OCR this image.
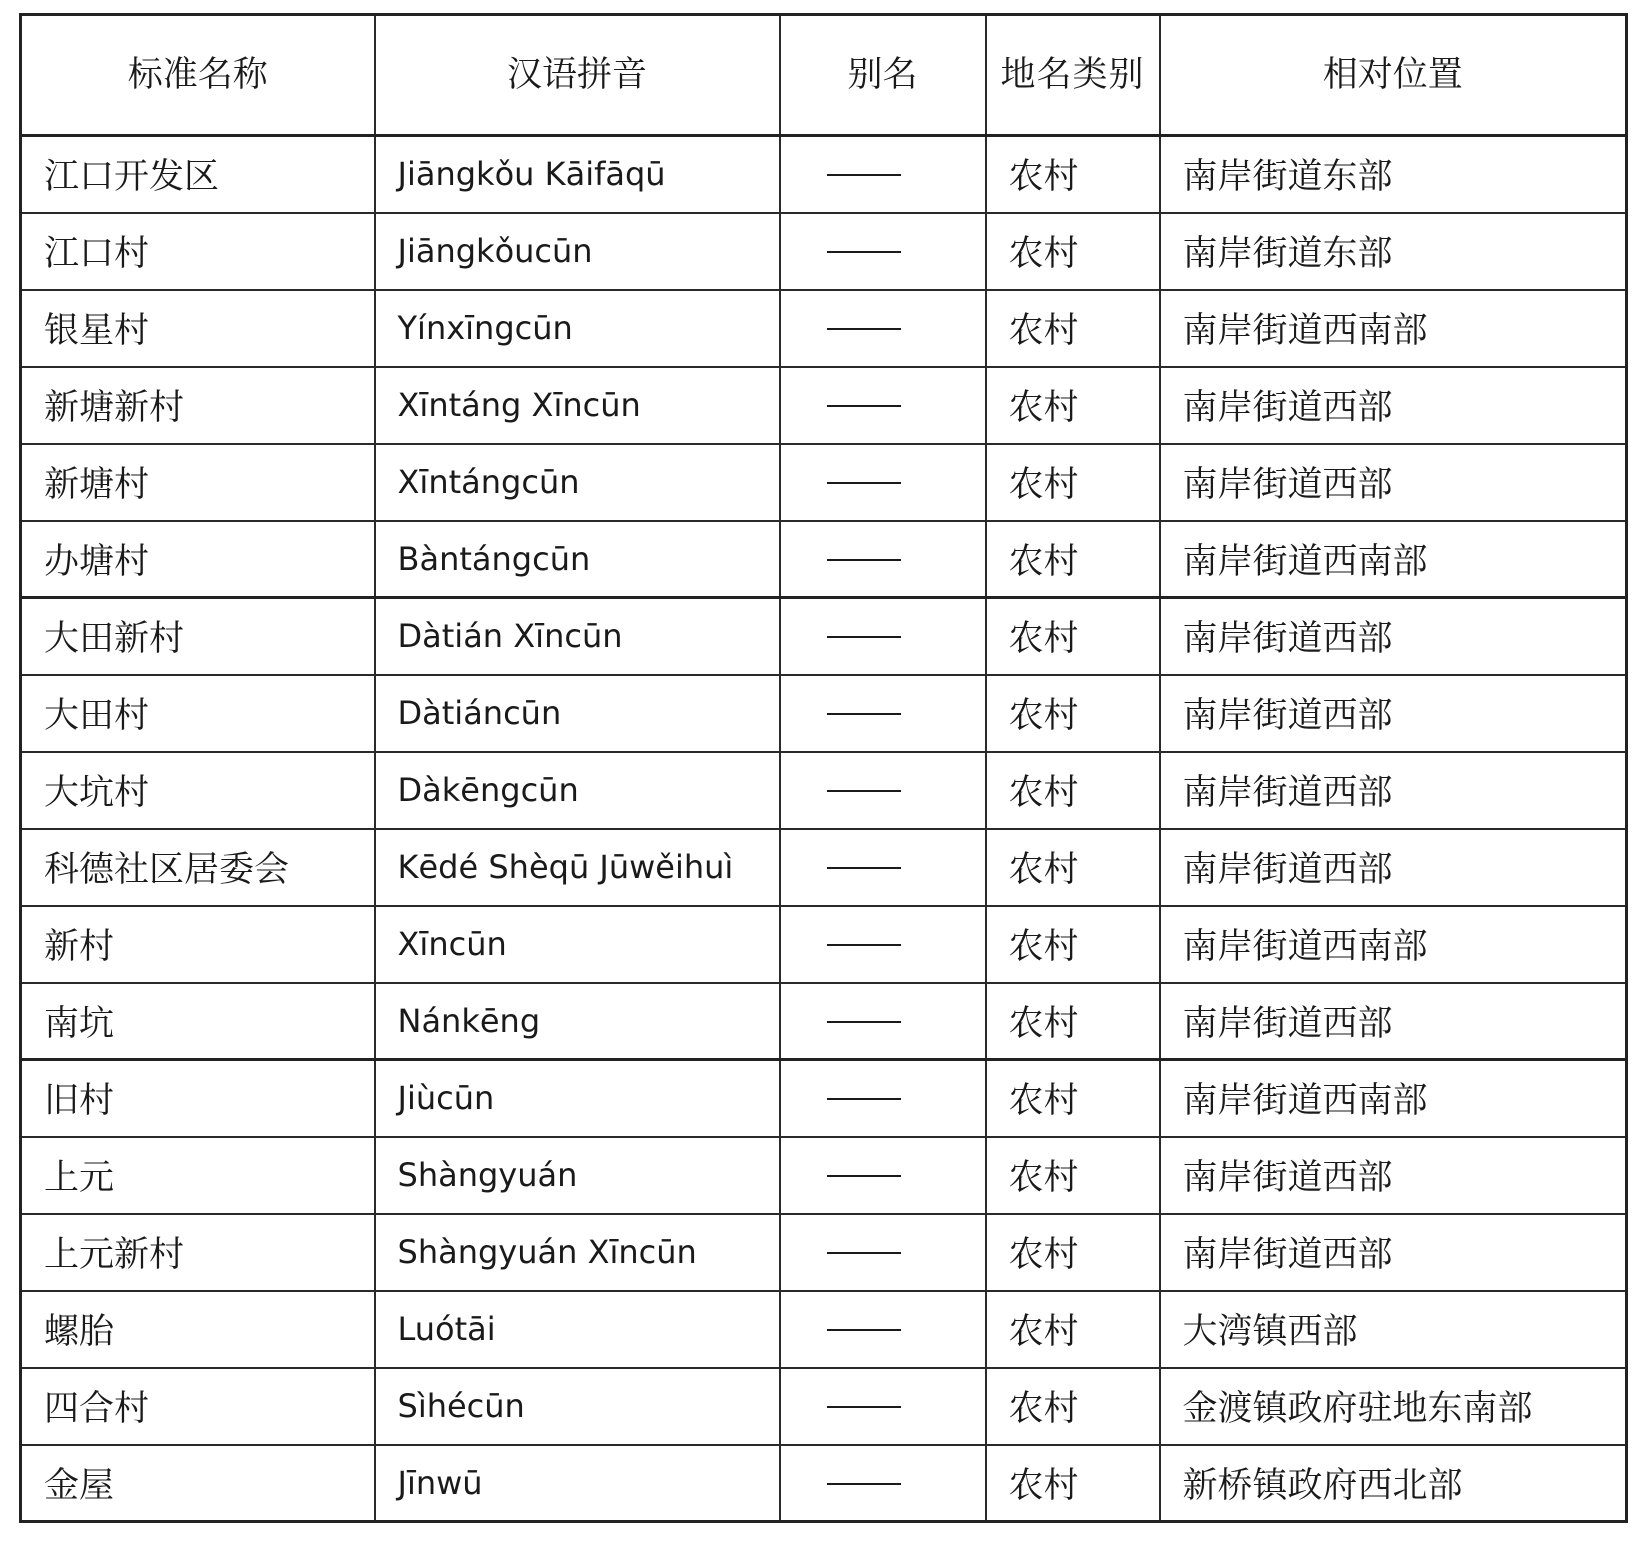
标准名称	汉语拼音	别名	地名类别	相对位置
江口开发区	Jiāngkǒu Kāifāqū		农村	南岸街道东部
江口村	Jiāngkǒucūn		农村	南岸街道东部
银星村	Yínxīngcūn		农村	南岸街道西南部
新塘新村	Xīntáng Xīncūn		农村	南岸街道西部
新塘村	Xīntángcūn		农村	南岸街道西部
办塘村	Bàntángcūn		农村	南岸街道西南部
大田新村	Dàtián Xīncūn		农村	南岸街道西部
大田村	Dàtiáncūn		农村	南岸街道西部
大坑村	Dàkēngcūn		农村	南岸街道西部
科德社区居委会	Kēdé Shèqū Jūwěihuì		农村	南岸街道西部
新村	Xīncūn		农村	南岸街道西南部
南坑	Nánkēng		农村	南岸街道西部
旧村	Jiùcūn		农村	南岸街道西南部
上元	Shàngyuán		农村	南岸街道西部
上元新村	Shàngyuán Xīncūn		农村	南岸街道西部
螺胎	Luótāi		农村	大湾镇西部
四合村	Sìhécūn		农村	金渡镇政府驻地东南部
金屋	Jīnwū		农村	新桥镇政府西北部
